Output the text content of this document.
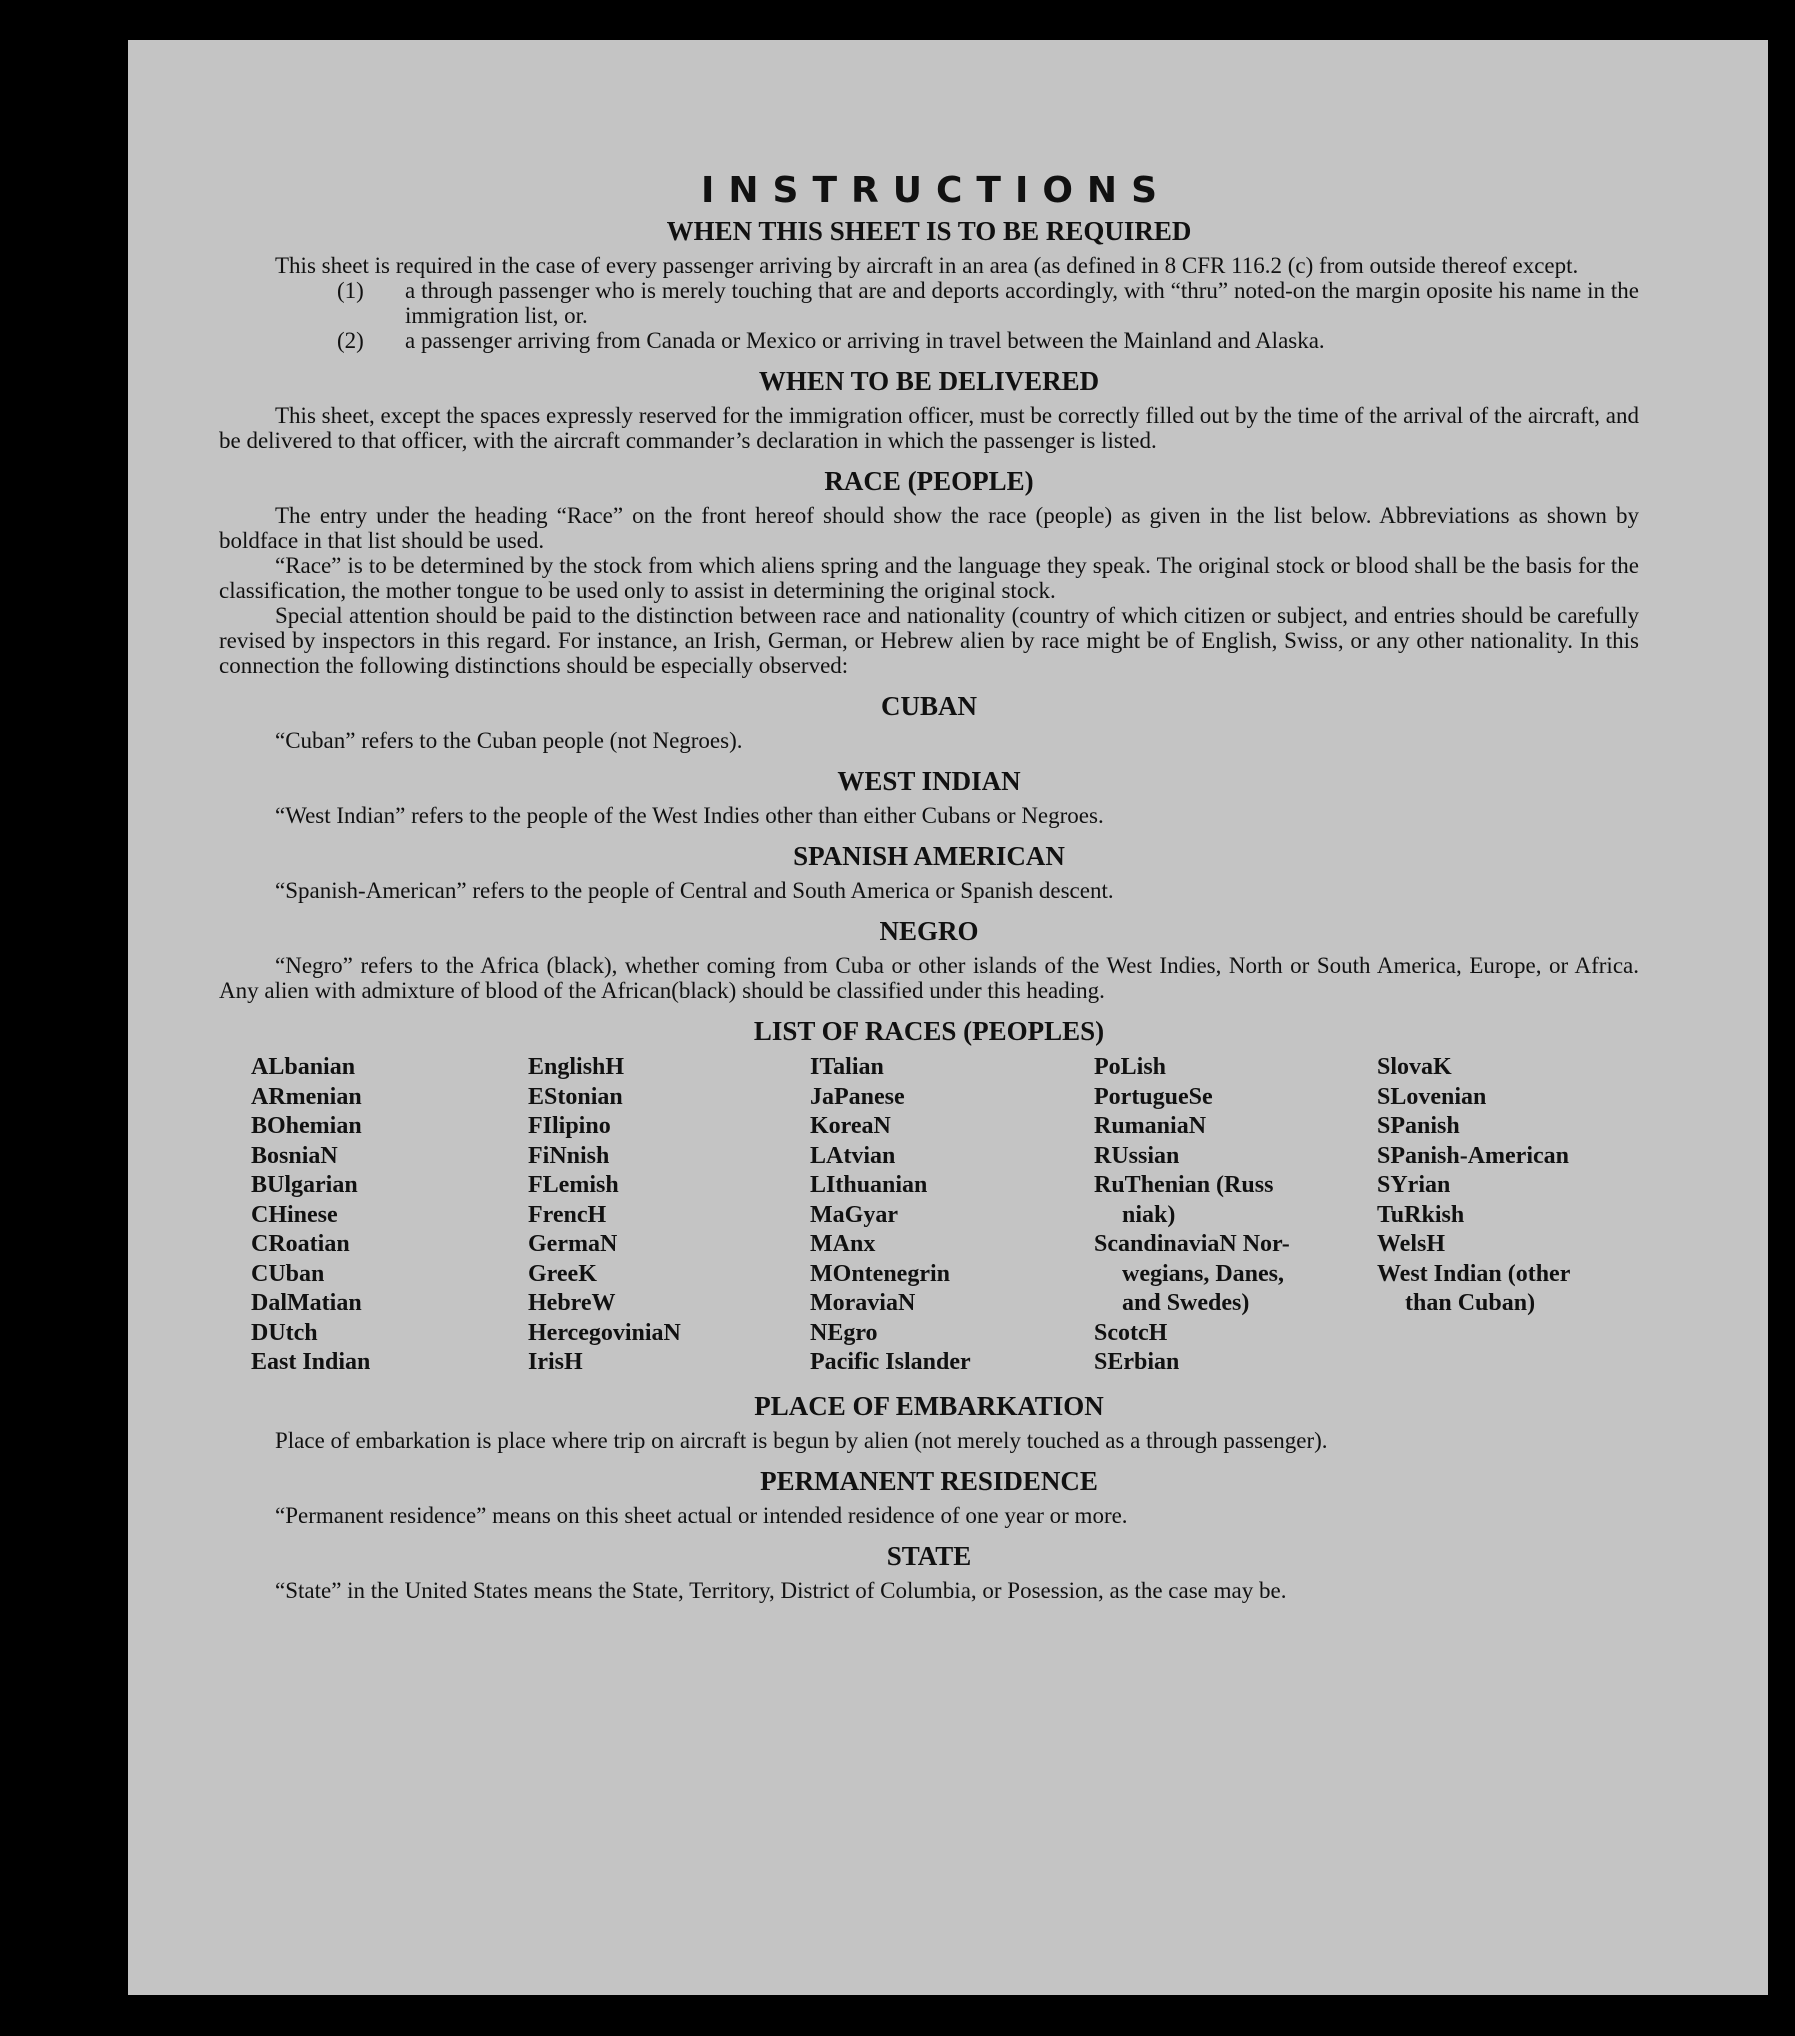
INSTRUCTIONS
WHEN THIS SHEET IS TO BE REQUIRED

This sheet is required in the case of every passenger arriving by aircraft in an area (as defined in 8 CFR 116.2 (c) from outside thereof except.

(1)	a through passenger who is merely touching that are and deports accordingly, with “thru” noted-on the margin oposite his name in the immigration list, or.
(2)	a passenger arriving from Canada or Mexico or arriving in travel between the Mainland and Alaska.
WHEN TO BE DELIVERED

This sheet, except the spaces expressly reserved for the immigration officer, must be correctly filled out by the time of the arrival of the aircraft, and be delivered to that officer, with the aircraft commander’s declaration in which the passenger is listed.

RACE (PEOPLE)

The entry under the heading “Race” on the front hereof should show the race (people) as given in the list below. Abbreviations as shown by boldface in that list should be used.

“Race” is to be determined by the stock from which aliens spring and the language they speak. The original stock or blood shall be the basis for the classification, the mother tongue to be used only to assist in determining the original stock.

Special attention should be paid to the distinction between race and nationality (country of which citizen or subject, and entries should be carefully revised by inspectors in this regard. For instance, an Irish, German, or Hebrew alien by race might be of English, Swiss, or any other nationality. In this connection the following distinctions should be especially observed:

CUBAN

“Cuban” refers to the Cuban people (not Negroes).

WEST INDIAN

“West Indian” refers to the people of the West Indies other than either Cubans or Negroes.

SPANISH AMERICAN

“Spanish-American” refers to the people of Central and South America or Spanish descent.

NEGRO

“Negro” refers to the Africa (black), whether coming from Cuba or other islands of the West Indies, North or South America, Europe, or Africa. Any alien with admixture of blood of the African(black) should be classified under this heading.

LIST OF RACES (PEOPLES)
ALbanian
ARmenian
BOhemian
BosniaN
BUlgarian
CHinese
CRoatian
CUban
DalMatian
DUtch
East Indian
EnglishH
EStonian
FIlipino
FiNnish
FLemish
FrencH
GermaN
GreeK
HebreW
HercegoviniaN
IrisH
ITalian
JaPanese
KoreaN
LAtvian
LIthuanian
MaGyar
MAnx
MOntenegrin
MoraviaN
NEgro
Pacific Islander
PoLish
PortugueSe
RumaniaN
RUssian
RuThenian (Russ
niak)
ScandinaviaN Nor-
wegians, Danes,
and Swedes)
ScotcH
SErbian
SlovaK
SLovenian
SPanish
SPanish-American
SYrian
TuRkish
WelsH
West Indian (other
than Cuban)
PLACE OF EMBARKATION

Place of embarkation is place where trip on aircraft is begun by alien (not merely touched as a through passenger).

PERMANENT RESIDENCE

“Permanent residence” means on this sheet actual or intended residence of one year or more.

STATE

“State” in the United States means the State, Territory, District of Columbia, or Posession, as the case may be.
